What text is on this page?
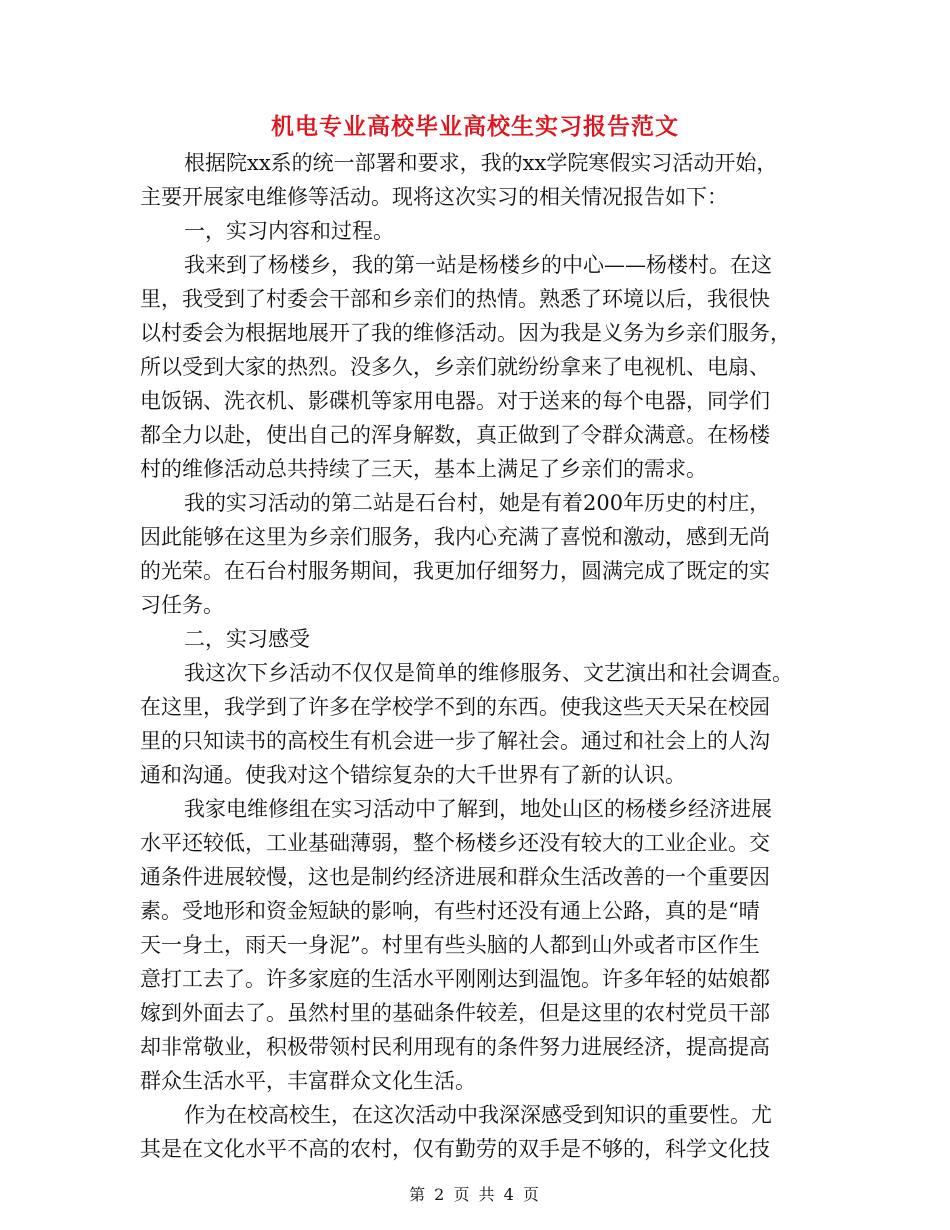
机电专业高校毕业高校生实习报告范文
根据院xx系的统一部署和要求，我的xx学院寒假实习活动开始，
主要开展家电维修等活动。现将这次实习的相关情况报告如下：
一，实习内容和过程。
我来到了杨楼乡，我的第一站是杨楼乡的中心——杨楼村。在这
里，我受到了村委会干部和乡亲们的热情。熟悉了环境以后，我很快
以村委会为根据地展开了我的维修活动。因为我是义务为乡亲们服务，
所以受到大家的热烈。没多久，乡亲们就纷纷拿来了电视机、电扇、
电饭锅、洗衣机、影碟机等家用电器。对于送来的每个电器，同学们
都全力以赴，使出自己的浑身解数，真正做到了令群众满意。在杨楼
村的维修活动总共持续了三天，基本上满足了乡亲们的需求。
我的实习活动的第二站是石台村，她是有着200年历史的村庄，
因此能够在这里为乡亲们服务，我内心充满了喜悦和激动，感到无尚
的光荣。在石台村服务期间，我更加仔细努力，圆满完成了既定的实
习任务。
二，实习感受
我这次下乡活动不仅仅是简单的维修服务、文艺演出和社会调查。
在这里，我学到了许多在学校学不到的东西。使我这些天天呆在校园
里的只知读书的高校生有机会进一步了解社会。通过和社会上的人沟
通和沟通。使我对这个错综复杂的大千世界有了新的认识。
我家电维修组在实习活动中了解到，地处山区的杨楼乡经济进展
水平还较低，工业基础薄弱，整个杨楼乡还没有较大的工业企业。交
通条件进展较慢，这也是制约经济进展和群众生活改善的一个重要因
素。受地形和资金短缺的影响，有些村还没有通上公路，真的是“晴
天一身土，雨天一身泥”。村里有些头脑的人都到山外或者市区作生
意打工去了。许多家庭的生活水平刚刚达到温饱。许多年轻的姑娘都
嫁到外面去了。虽然村里的基础条件较差，但是这里的农村党员干部
却非常敬业，积极带领村民利用现有的条件努力进展经济，提高提高
群众生活水平，丰富群众文化生活。
作为在校高校生，在这次活动中我深深感受到知识的重要性。尤
其是在文化水平不高的农村，仅有勤劳的双手是不够的，科学文化技
第 2 页 共 4 页
